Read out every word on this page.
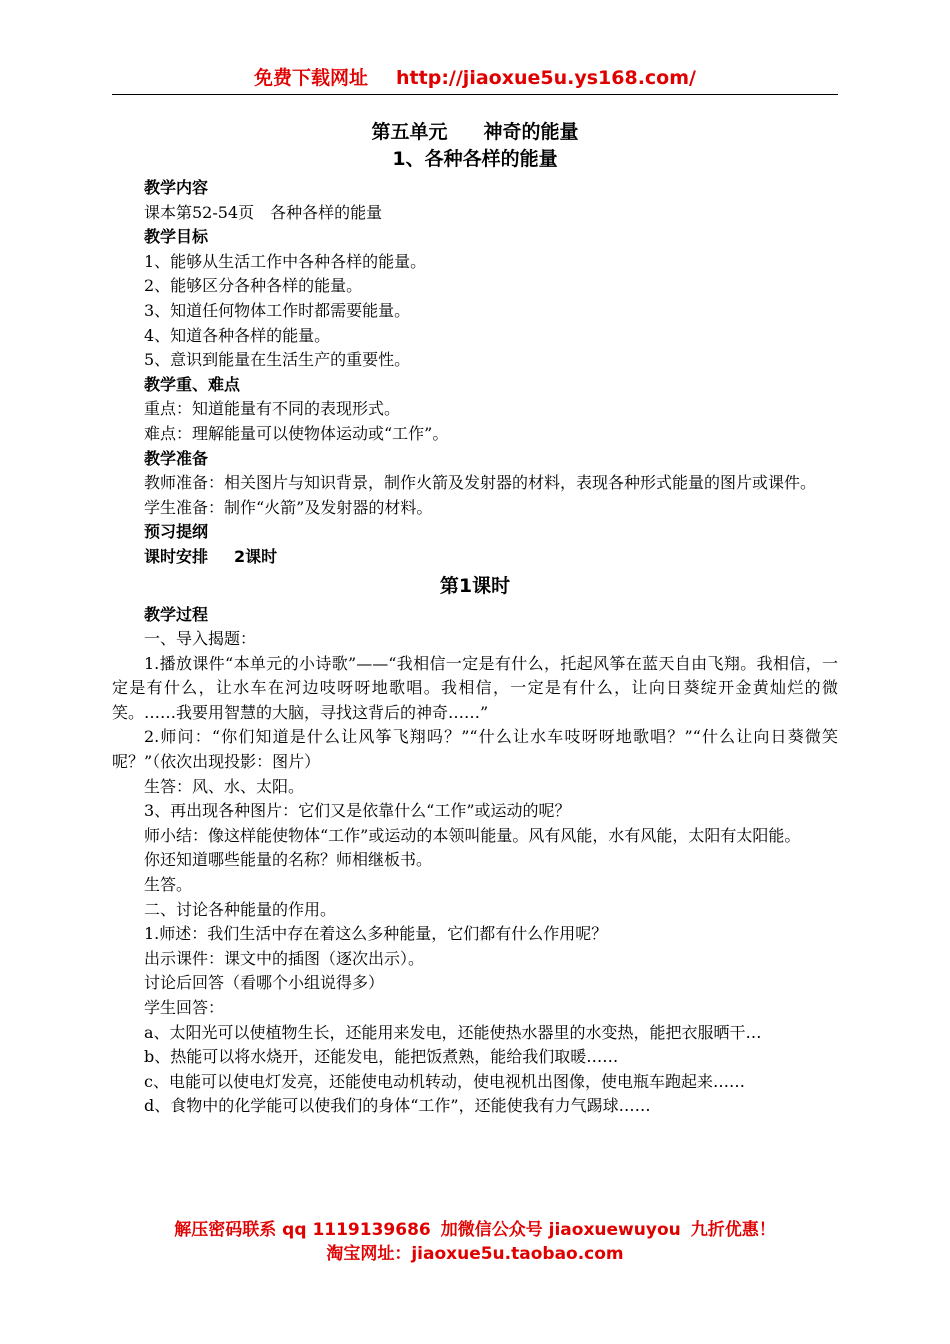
免费下载网址 http://jiaoxue5u.ys168.com/
第五单元 神奇的能量
1、各种各样的能量

教学内容

课本第52-54页　各种各样的能量

教学目标

1、能够从生活工作中各种各样的能量。

2、能够区分各种各样的能量。

3、知道任何物体工作时都需要能量。

4、知道各种各样的能量。

5、意识到能量在生活生产的重要性。

教学重、难点

重点：知道能量有不同的表现形式。

难点：理解能量可以使物体运动或“工作”。

教学准备

教师准备：相关图片与知识背景，制作火箭及发射器的材料，表现各种形式能量的图片或课件。

学生准备：制作“火箭”及发射器的材料。

预习提纲

课时安排 2课时

第1课时

教学过程

一、导入揭题：

1.播放课件“本单元的小诗歌”——“我相信一定是有什么，托起风筝在蓝天自由飞翔。我相信，一定是有什么，让水车在河边吱呀呀地歌唱。我相信，一定是有什么，让向日葵绽开金黄灿烂的微笑。……我要用智慧的大脑，寻找这背后的神奇……”

2.师问：“你们知道是什么让风筝飞翔吗？”“什么让水车吱呀呀地歌唱？”“什么让向日葵微笑呢？”（依次出现投影：图片）

生答：风、水、太阳。

3、再出现各种图片：它们又是依靠什么“工作”或运动的呢？

师小结：像这样能使物体“工作”或运动的本领叫能量。风有风能，水有风能，太阳有太阳能。

你还知道哪些能量的名称？师相继板书。

生答。

二、讨论各种能量的作用。

1.师述：我们生活中存在着这么多种能量，它们都有什么作用呢？

出示课件：课文中的插图（逐次出示）。

讨论后回答（看哪个小组说得多）

学生回答：

a、太阳光可以使植物生长，还能用来发电，还能使热水器里的水变热，能把衣服晒干…

b、热能可以将水烧开，还能发电，能把饭煮熟，能给我们取暖……

c、电能可以使电灯发亮，还能使电动机转动，使电视机出图像，使电瓶车跑起来……

d、食物中的化学能可以使我们的身体“工作”，还能使我有力气踢球……

解压密码联系 qq 1119139686 加微信公众号 jiaoxuewuyou 九折优惠！
淘宝网址：jiaoxue5u.taobao.com
